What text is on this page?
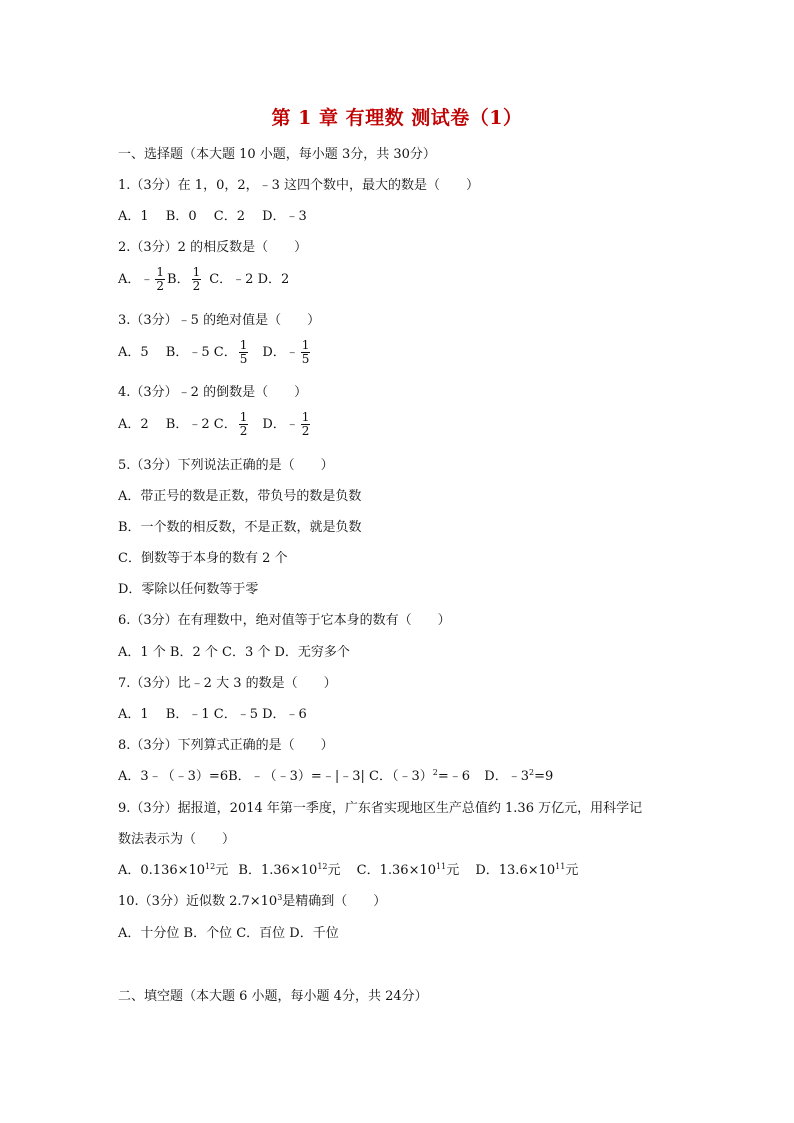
第 1 章 有理数 测试卷（1）
一、选择题（本大题 10 小题，每小题 3分，共 30分）
1.（3分）在 1，0，2，﹣3 这四个数中，最大的数是（　　）
A．1　 B．0　 C．2　 D．﹣3
2.（3分）2 的相反数是（　　）
A．﹣ $\frac{1}{2}$ B． $\frac{1}{2}$ C．﹣2 D．2
3.（3分）﹣5 的绝对值是（　　）
A．5　 B．﹣5 C． $\frac{1}{5}$ D．﹣ $\frac{1}{5}$
4.（3分）﹣2 的倒数是（　　）
A．2　 B．﹣2 C． $\frac{1}{2}$ D．﹣ $\frac{1}{2}$
5.（3分）下列说法正确的是（　　）
A．带正号的数是正数，带负号的数是负数
B．一个数的相反数，不是正数，就是负数
C．倒数等于本身的数有 2 个
D．零除以任何数等于零
6.（3分）在有理数中，绝对值等于它本身的数有（　　）
A．1 个 B．2 个 C．3 个 D．无穷多个
7.（3分）比﹣2 大 3 的数是（　　）
A．1　 B．﹣1 C．﹣5 D．﹣6
8.（3分）下列算式正确的是（　　）
A．3﹣（﹣3）=6B．﹣（﹣3）=﹣|﹣3| C．（﹣3）$^2$=﹣6 D．$﹣3^2=9$
9.（3分）据报道，2014 年第一季度，广东省实现地区生产总值约 1.36 万亿元，用科学记
数法表示为（　　）
A．$0.136\times 10^{12}$元 B．$1.36\times 10^{12}$元 C．$1.36\times 10^{11}$元 D．$13.6\times 10^{11}$元
10.（3分）近似数 $2.7\times 10^3$是精确到（　　）
A．十分位 B．个位 C．百位 D．千位
二、填空题（本大题 6 小题，每小题 4分，共 24分）
